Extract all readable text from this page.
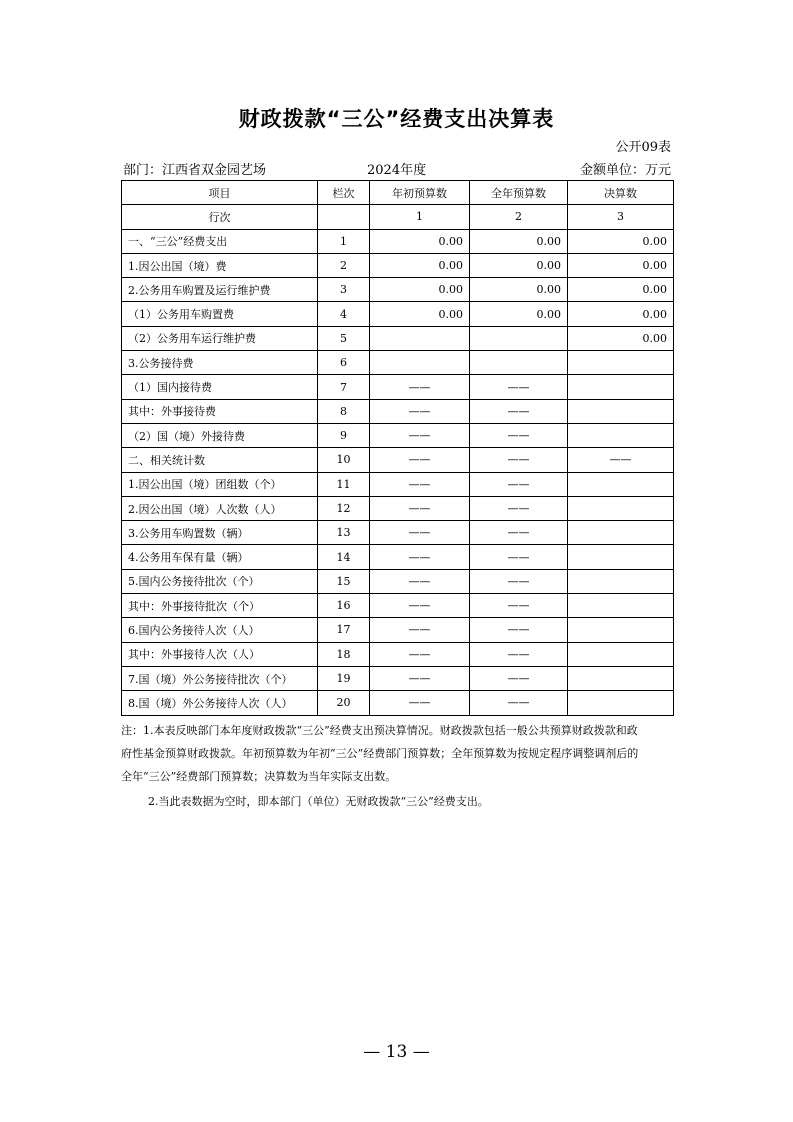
财政拨款“三公”经费支出决算表
公开09表
部门：江西省双金园艺场	2024年度	金额单位：万元
项目	栏次	年初预算数	全年预算数	决算数
行次		1	2	3
一、“三公”经费支出	1	0.00	0.00	0.00
1.因公出国（境）费	2	0.00	0.00	0.00
2.公务用车购置及运行维护费	3	0.00	0.00	0.00
（1）公务用车购置费	4	0.00	0.00	0.00
（2）公务用车运行维护费	5			0.00
3.公务接待费	6			
（1）国内接待费	7	——	——	
其中：外事接待费	8	——	——	
（2）国（境）外接待费	9	——	——	
二、相关统计数	10	——	——	——
1.因公出国（境）团组数（个）	11	——	——	
2.因公出国（境）人次数（人）	12	——	——	
3.公务用车购置数（辆）	13	——	——	
4.公务用车保有量（辆）	14	——	——	
5.国内公务接待批次（个）	15	——	——	
其中：外事接待批次（个）	16	——	——	
6.国内公务接待人次（人）	17	——	——	
其中：外事接待人次（人）	18	——	——	
7.国（境）外公务接待批次（个）	19	——	——	
8.国（境）外公务接待人次（人）	20	——	——	
注：1.本表反映部门本年度财政拨款“三公”经费支出预决算情况。财政拨款包括一般公共预算财政拨款和政
府性基金预算财政拨款。年初预算数为年初“三公”经费部门预算数；全年预算数为按规定程序调整调剂后的
全年“三公”经费部门预算数；决算数为当年实际支出数。
2.当此表数据为空时，即本部门（单位）无财政拨款“三公”经费支出。
— 13 —
